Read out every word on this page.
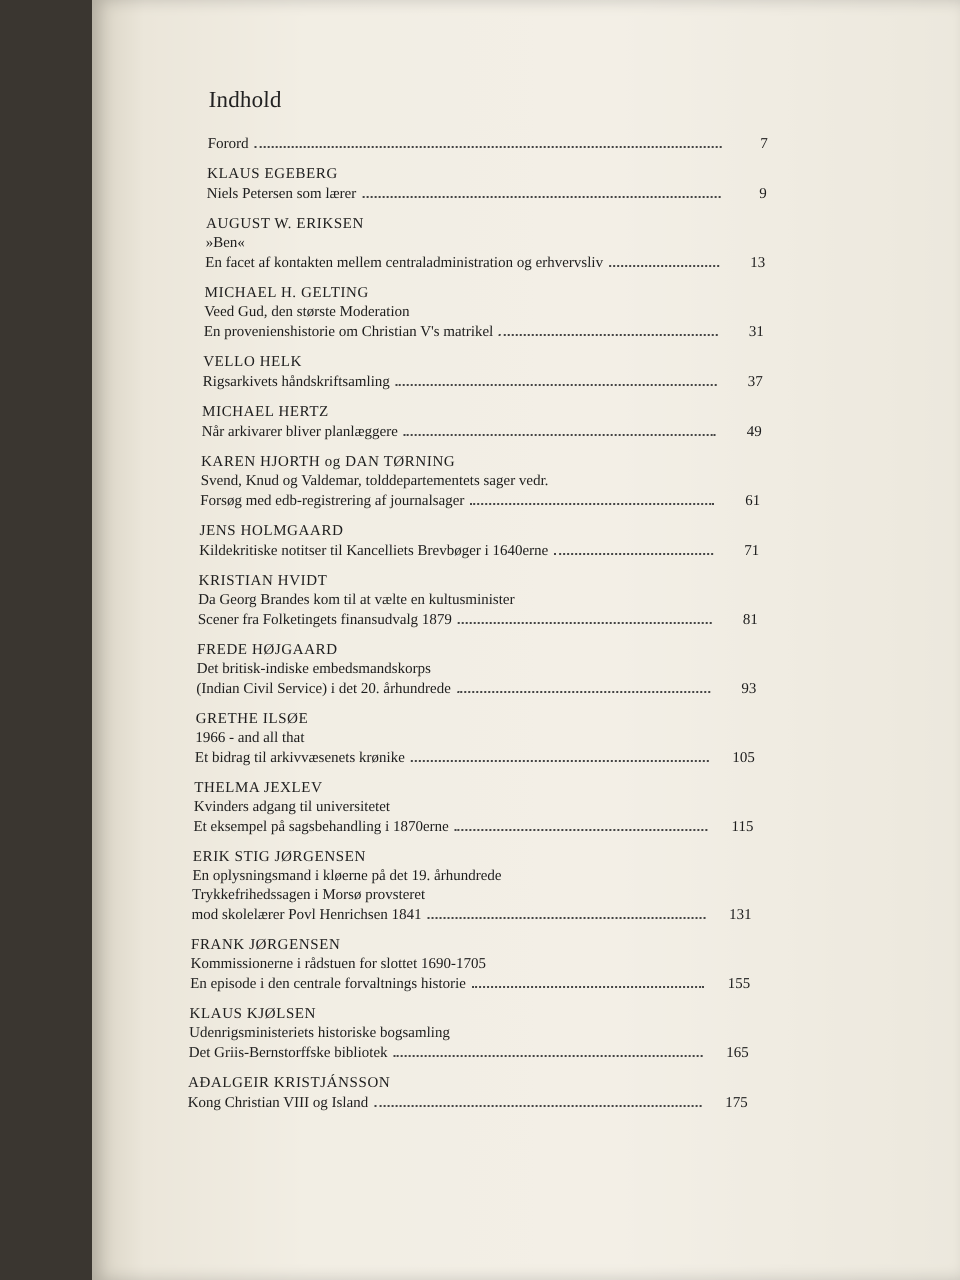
Indhold
Forord	7
KLAUS EGEBERG
Niels Petersen som lærer	9
AUGUST W. ERIKSEN
»Ben«
En facet af kontakten mellem centraladministration og erhvervsliv	13
MICHAEL H. GELTING
Veed Gud, den største Moderation
En provenienshistorie om Christian V's matrikel	31
VELLO HELK
Rigsarkivets håndskriftsamling	37
MICHAEL HERTZ
Når arkivarer bliver planlæggere	49
KAREN HJORTH og DAN TØRNING
Svend, Knud og Valdemar, tolddepartementets sager vedr.
Forsøg med edb-registrering af journalsager	61
JENS HOLMGAARD
Kildekritiske notitser til Kancelliets Brevbøger i 1640erne	71
KRISTIAN HVIDT
Da Georg Brandes kom til at vælte en kultusminister
Scener fra Folketingets finansudvalg 1879	81
FREDE HØJGAARD
Det britisk-indiske embedsmandskorps
(Indian Civil Service) i det 20. århundrede	93
GRETHE ILSØE
1966 - and all that
Et bidrag til arkivvæsenets krønike	105
THELMA JEXLEV
Kvinders adgang til universitetet
Et eksempel på sagsbehandling i 1870erne	115
ERIK STIG JØRGENSEN
En oplysningsmand i kløerne på det 19. århundrede
Trykkefrihedssagen i Morsø provsteret
mod skolelærer Povl Henrichsen 1841	131
FRANK JØRGENSEN
Kommissionerne i rådstuen for slottet 1690-1705
En episode i den centrale forvaltnings historie	155
KLAUS KJØLSEN
Udenrigsministeriets historiske bogsamling
Det Griis-Bernstorffske bibliotek	165
AÐALGEIR KRISTJÁNSSON
Kong Christian VIII og Island	175
